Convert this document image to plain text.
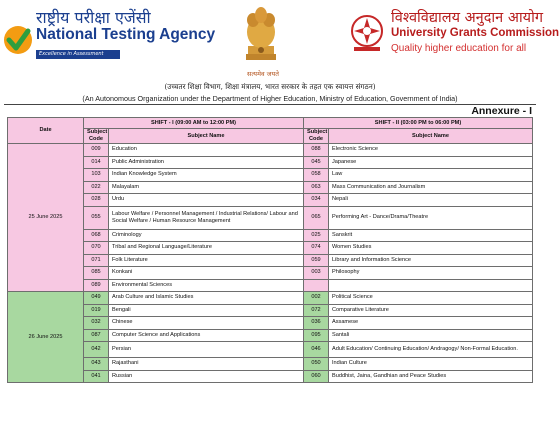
राष्ट्रीय परीक्षा एजेंसी
National Testing Agency
Excellence in Assessment
सत्यमेव जयते
विश्वविद्यालय अनुदान आयोग
University Grants Commission
Quality higher education for all
(उच्चतर शिक्षा विभाग, शिक्षा मंत्रालय, भारत सरकार के तहत एक स्वायत्त संगठन)
(An Autonomous Organization under the Department of Higher Education, Ministry of Education, Government of India)
Annexure - I
Date	SHIFT - I (09:00 AM to 12:00 PM)		SHIFT - II (03:00 PM to 06:00 PM)	
	Subject Code	Subject Name	Subject Code	Subject Name
25 June 2025	009	Education	088	Electronic Science
	014	Public Administration	045	Japanese
	103	Indian Knowledge System	058	Law
	022	Malayalam	063	Mass Communication and Journalism
	028	Urdu	034	Nepali
	055	Labour Welfare / Personnel Management / Industrial Relations/ Labour and Social Welfare / Human Resource Management	065	Performing Art - Dance/Drama/Theatre
	068	Criminology	025	Sanskrit
	070	Tribal and Regional Language/Literature	074	Women Studies
	071	Folk Literature	059	Library and Information Science
	085	Konkani	003	Philosophy
	089	Environmental Sciences		
26 June 2025	049	Arab Culture and Islamic Studies	002	Political Science
	019	Bengali	072	Comparative Literature
	032	Chinese	036	Assamese
	087	Computer Science and Applications	095	Santali
	042	Persian	046	Adult Education/ Continuing Education/ Andragogy/ Non-Formal Education.
	043	Rajasthani	050	Indian Culture
	041	Russian	060	Buddhist, Jaina, Gandhian and Peace Studies
